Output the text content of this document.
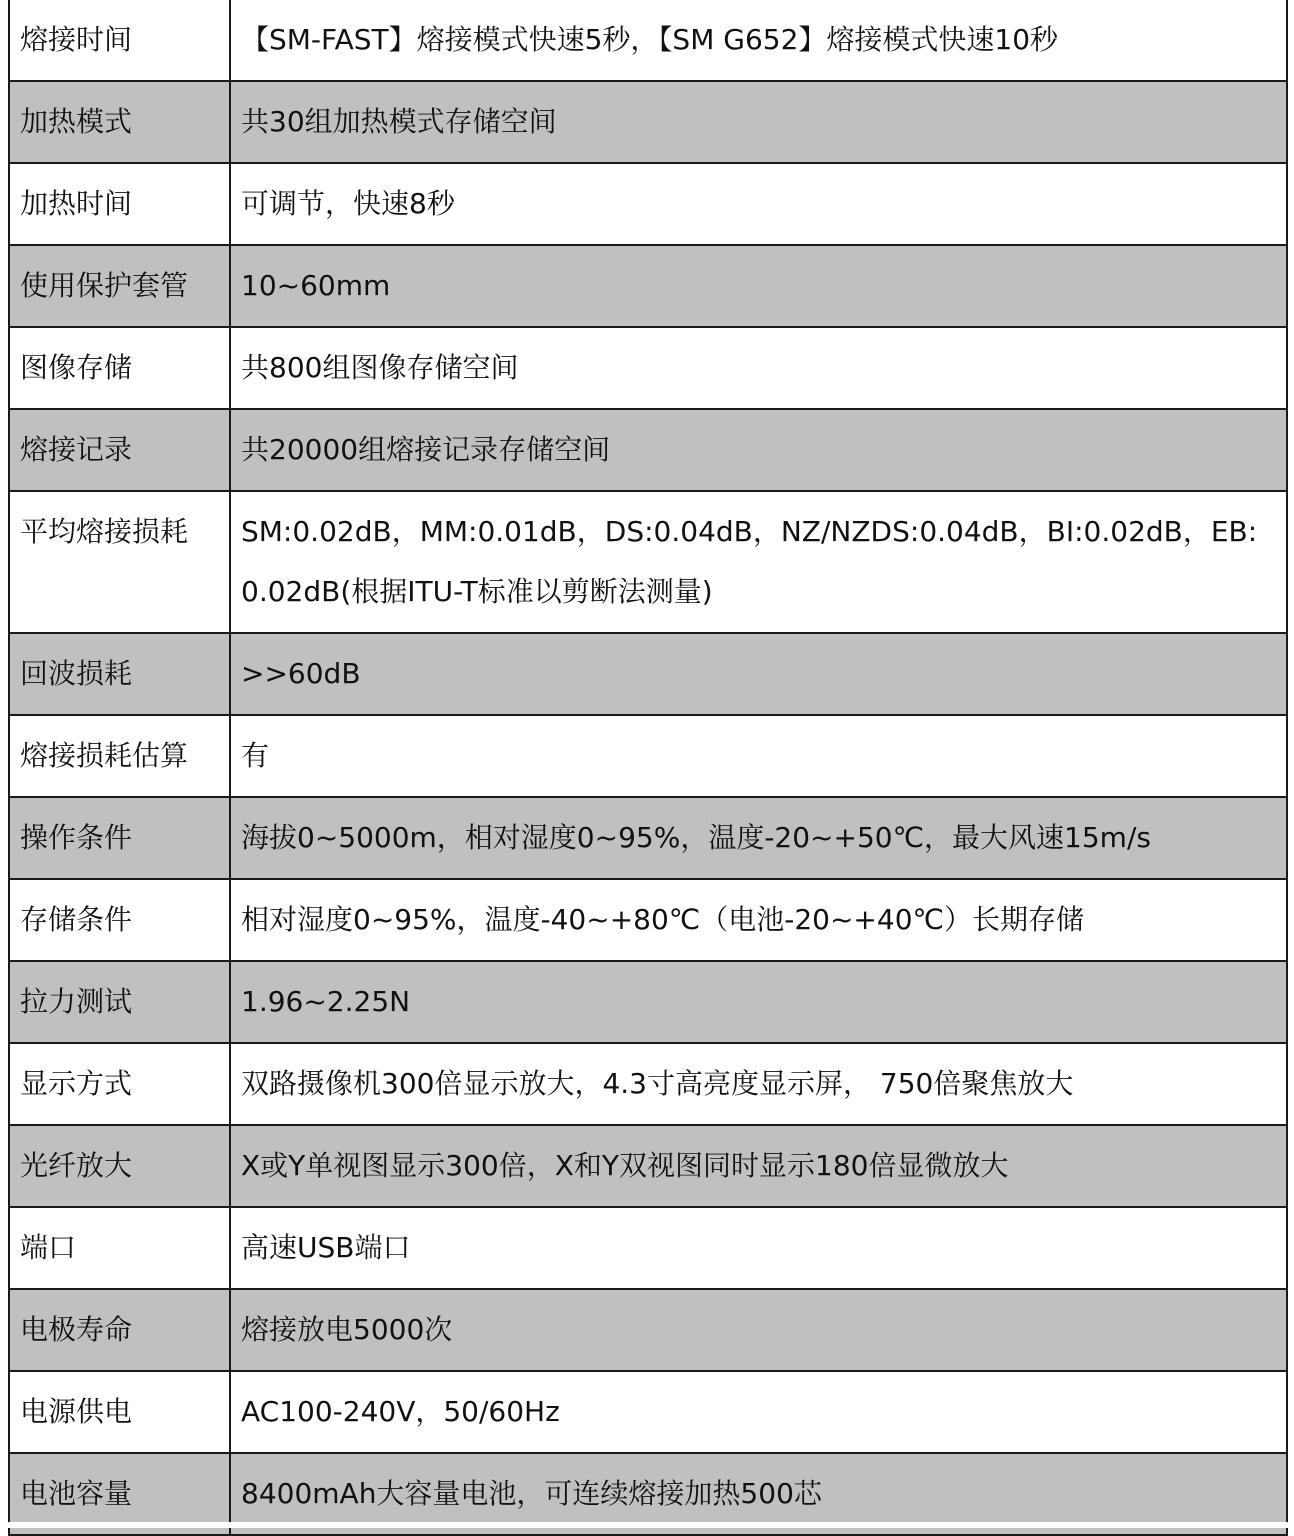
熔接时间	【SM-FAST】熔接模式快速5秒，【SM G652】熔接模式快速10秒
加热模式	共30组加热模式存储空间
加热时间	可调节，快速8秒
使用保护套管	10~60mm
图像存储	共800组图像存储空间
熔接记录	共20000组熔接记录存储空间
平均熔接损耗	SM:0.02dB，MM:0.01dB，DS:0.04dB，NZ/NZDS:0.04dB，BI:0.02dB，EB:0.02dB(根据ITU-T标准以剪断法测量)
回波损耗	>>60dB
熔接损耗估算	有
操作条件	海拔0~5000m，相对湿度0~95%，温度-20~+50℃，最大风速15m/s
存储条件	相对湿度0~95%，温度-40~+80℃（电池-20~+40℃）长期存储
拉力测试	1.96~2.25N
显示方式	双路摄像机300倍显示放大，4.3寸高亮度显示屏， 750倍聚焦放大
光纤放大	X或Y单视图显示300倍，X和Y双视图同时显示180倍显微放大
端口	高速USB端口
电极寿命	熔接放电5000次
电源供电	AC100-240V，50/60Hz
电池容量	8400mAh大容量电池，可连续熔接加热500芯
